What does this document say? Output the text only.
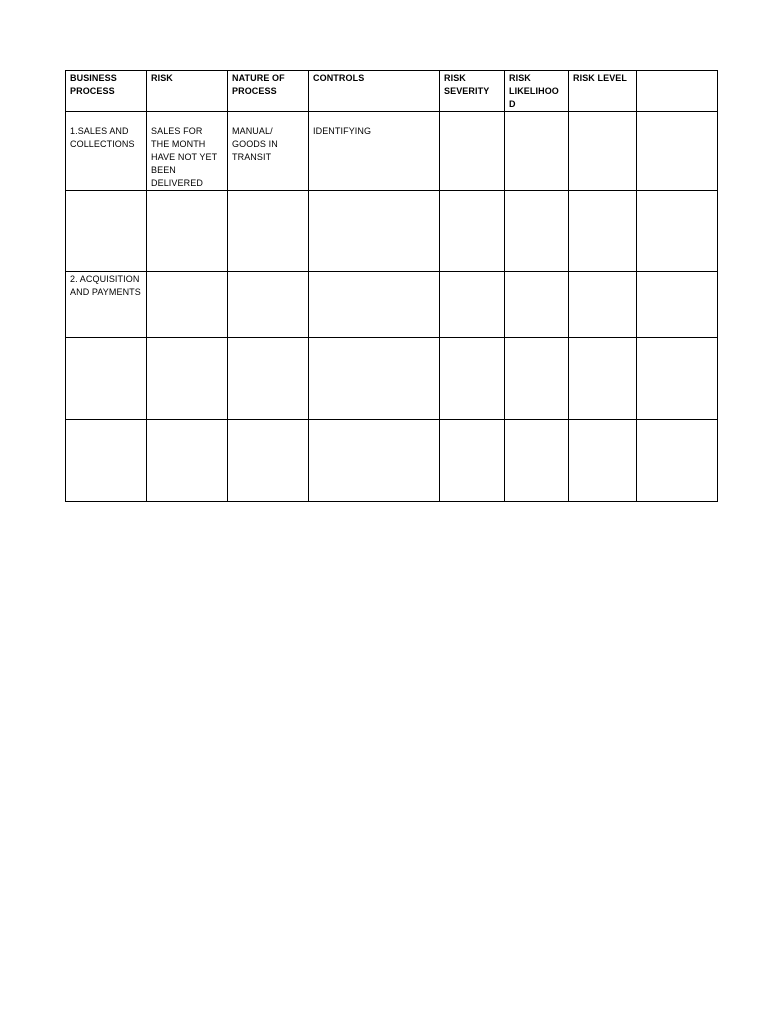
BUSINESS PROCESS	RISK	NATURE OF PROCESS	CONTROLS	RISK SEVERITY	RISK LIKELIHOOD	RISK LEVEL	

1.SALES AND COLLECTIONS	SALES FOR THE MONTH HAVE NOT YET BEEN DELIVERED	MANUAL/ GOODS IN TRANSIT	IDENTIFYING				

2. ACQUISITION AND PAYMENTS							
